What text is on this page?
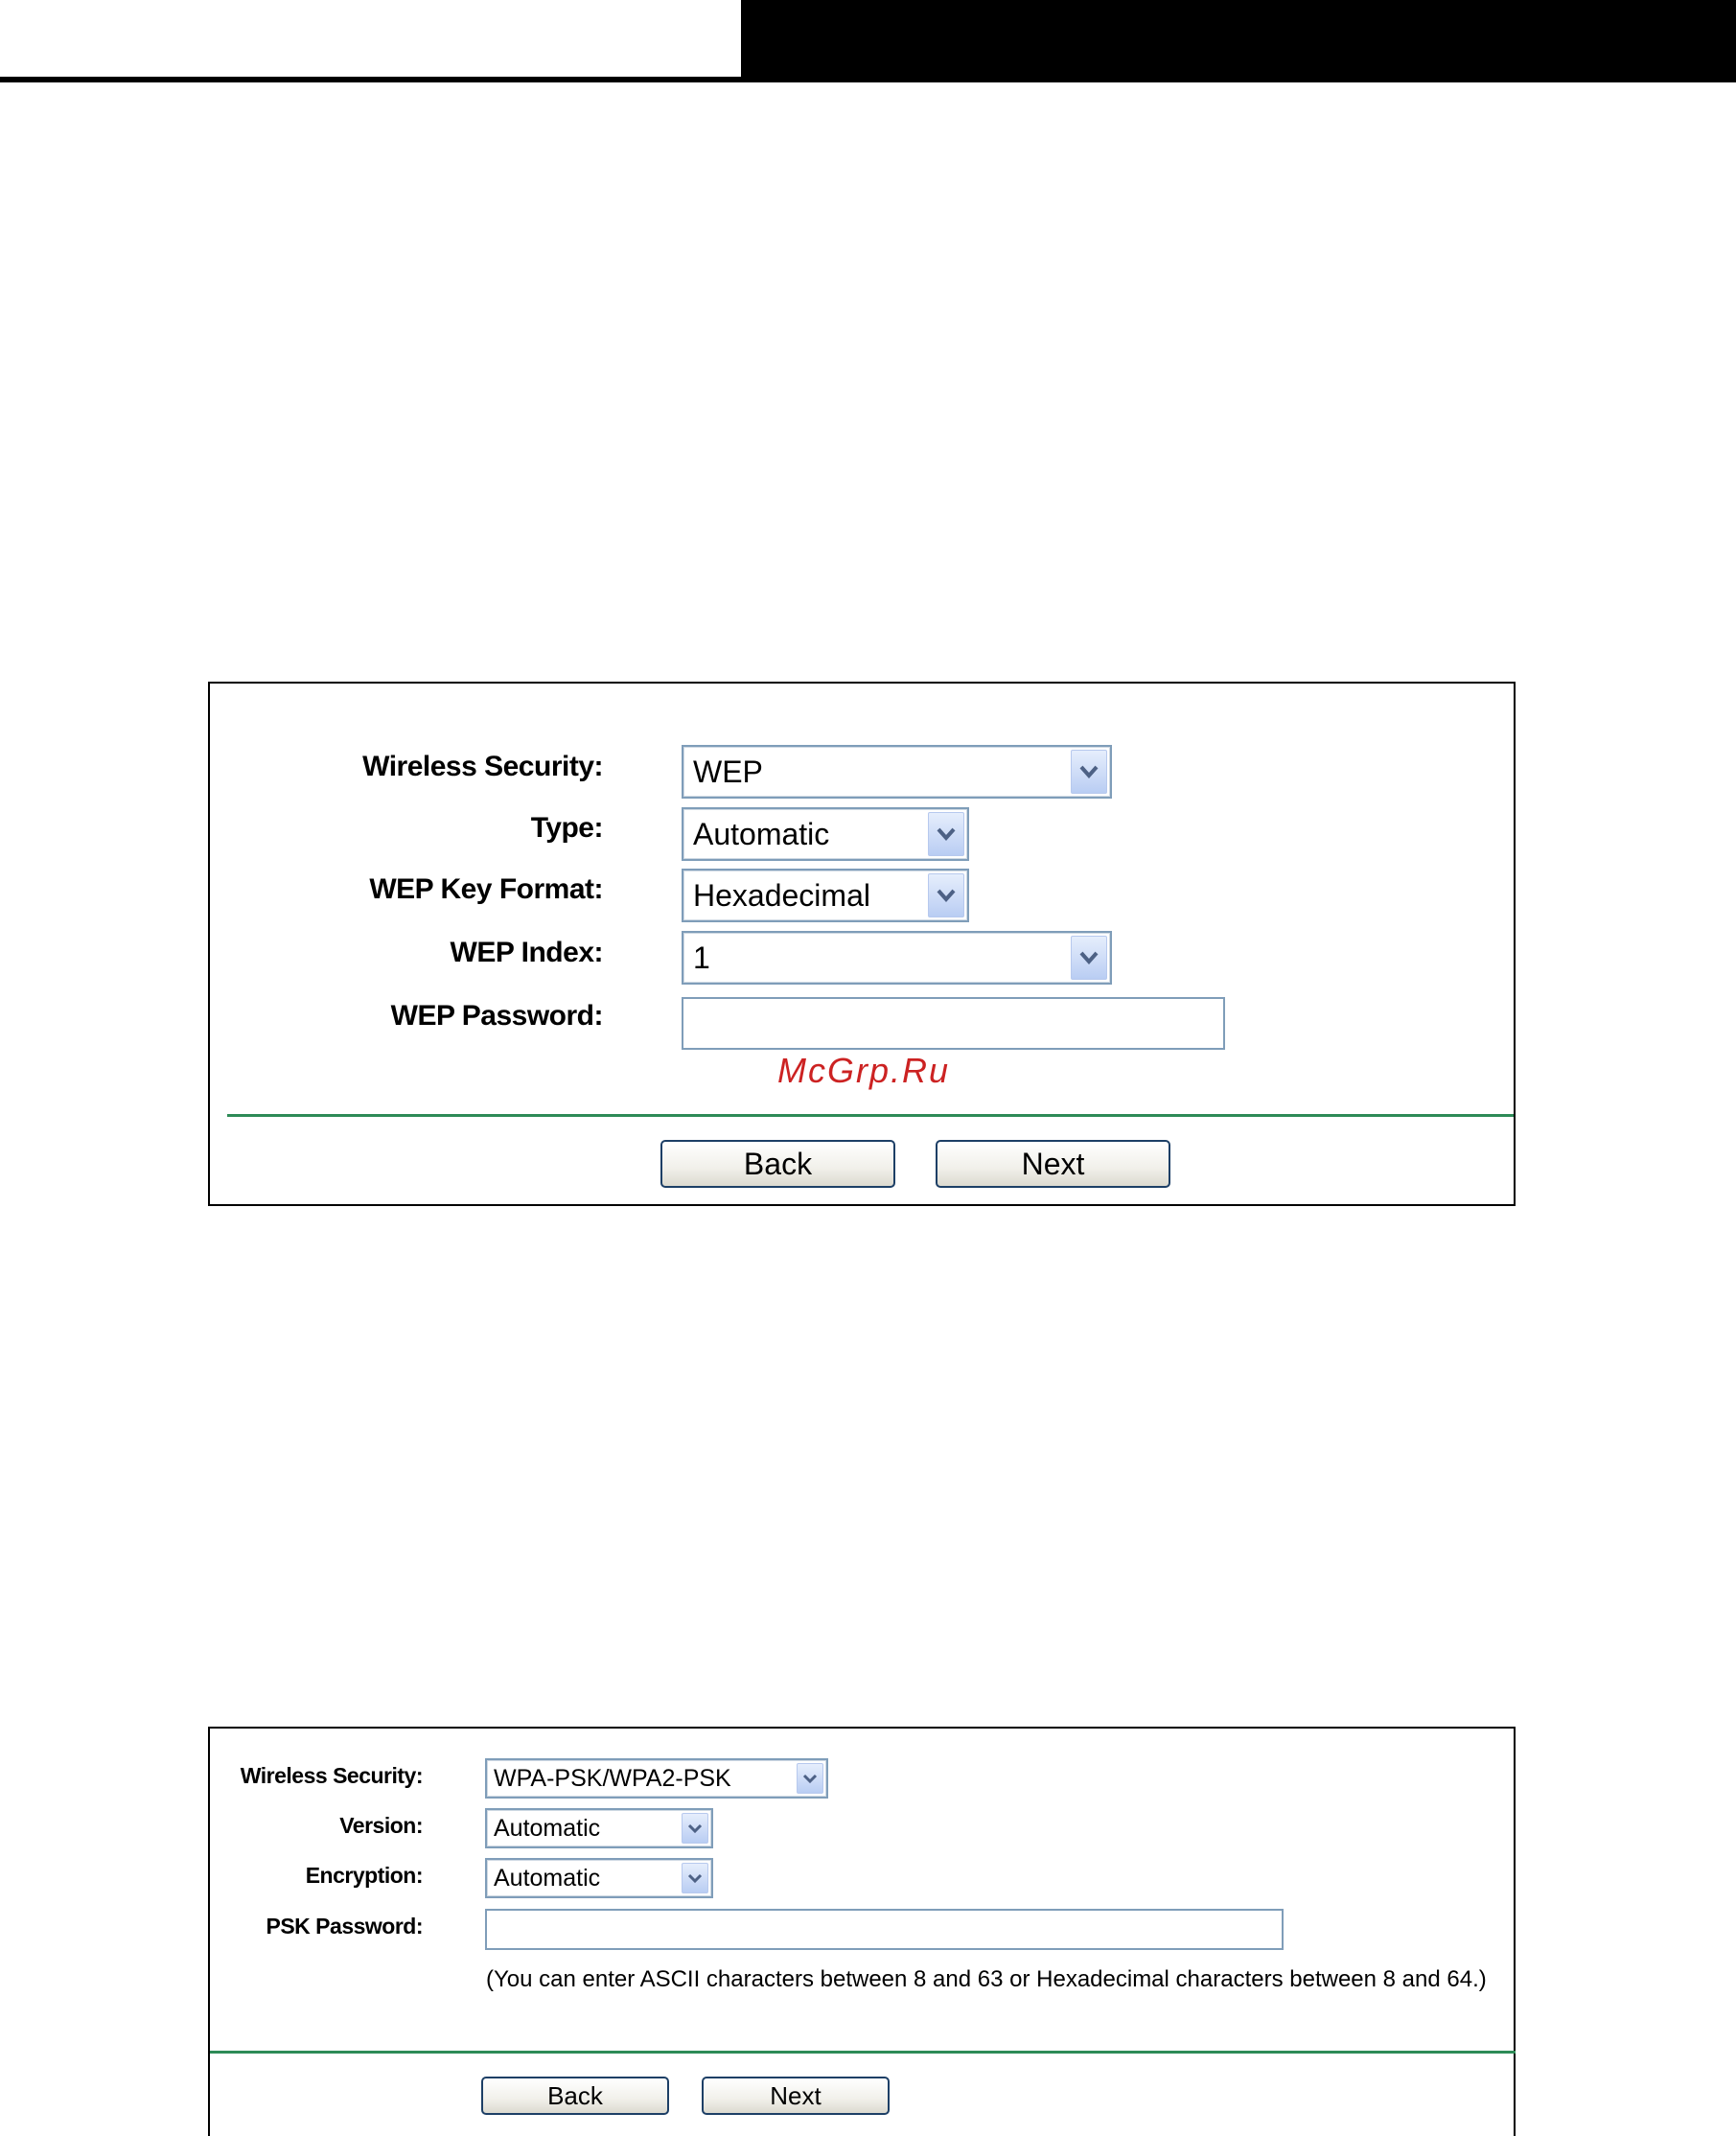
Wireless Security:	WEP
Type:	Automatic
WEP Key Format:	Hexadecimal
WEP Index:	1
WEP Password:
McGrp.Ru
Back	Next
Wireless Security:	WPA-PSK/WPA2-PSK
Version:	Automatic
Encryption:	Automatic
PSK Password:
(You can enter ASCII characters between 8 and 63 or Hexadecimal characters between 8 and 64.)
Back	Next
